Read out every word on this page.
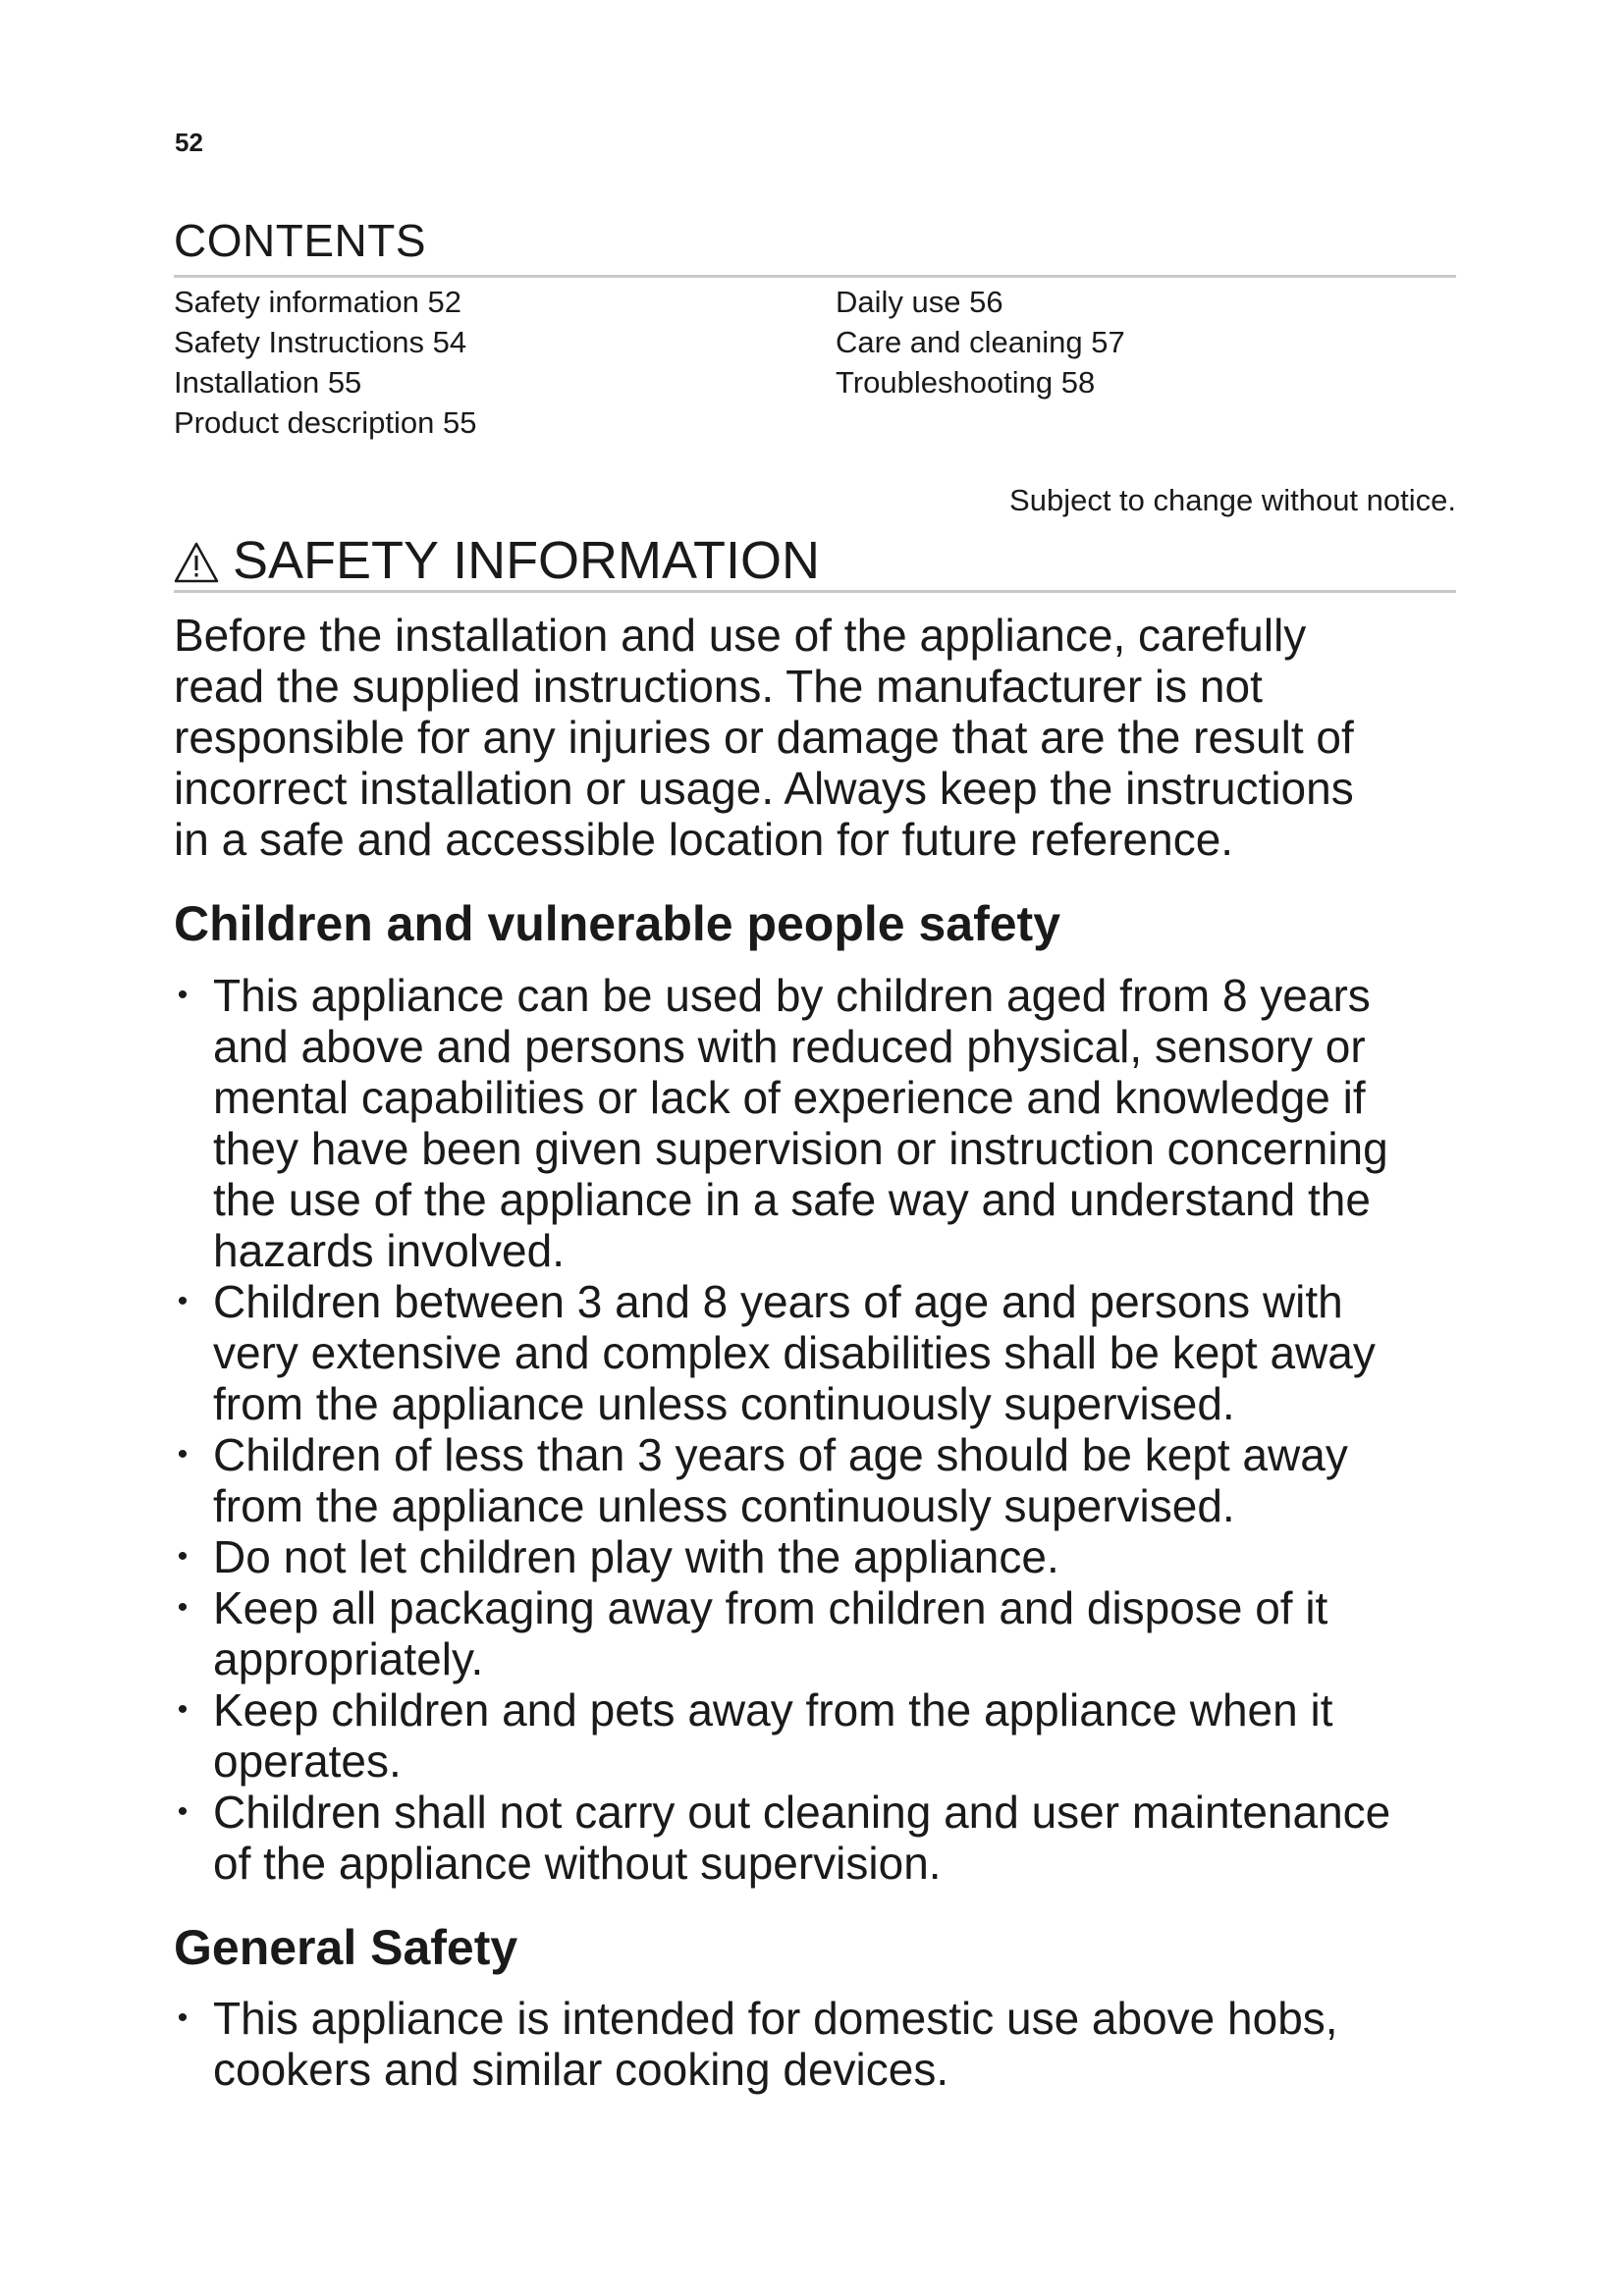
52
CONTENTS
Safety information 52
Safety Instructions 54
Installation 55
Product description 55
Daily use 56
Care and cleaning 57
Troubleshooting 58
Subject to change without notice.
SAFETY INFORMATION

Before the installation and use of the appliance, carefully
read the supplied instructions. The manufacturer is not
responsible for any injuries or damage that are the result of
incorrect installation or usage. Always keep the instructions
in a safe and accessible location for future reference.

Children and vulnerable people safety
• This appliance can be used by children aged from 8 years
and above and persons with reduced physical, sensory or
mental capabilities or lack of experience and knowledge if
they have been given supervision or instruction concerning
the use of the appliance in a safe way and understand the
hazards involved.
• Children between 3 and 8 years of age and persons with
very extensive and complex disabilities shall be kept away
from the appliance unless continuously supervised.
• Children of less than 3 years of age should be kept away
from the appliance unless continuously supervised.
• Do not let children play with the appliance.
• Keep all packaging away from children and dispose of it
appropriately.
• Keep children and pets away from the appliance when it
operates.
• Children shall not carry out cleaning and user maintenance
of the appliance without supervision.
General Safety
• This appliance is intended for domestic use above hobs,
cookers and similar cooking devices.
